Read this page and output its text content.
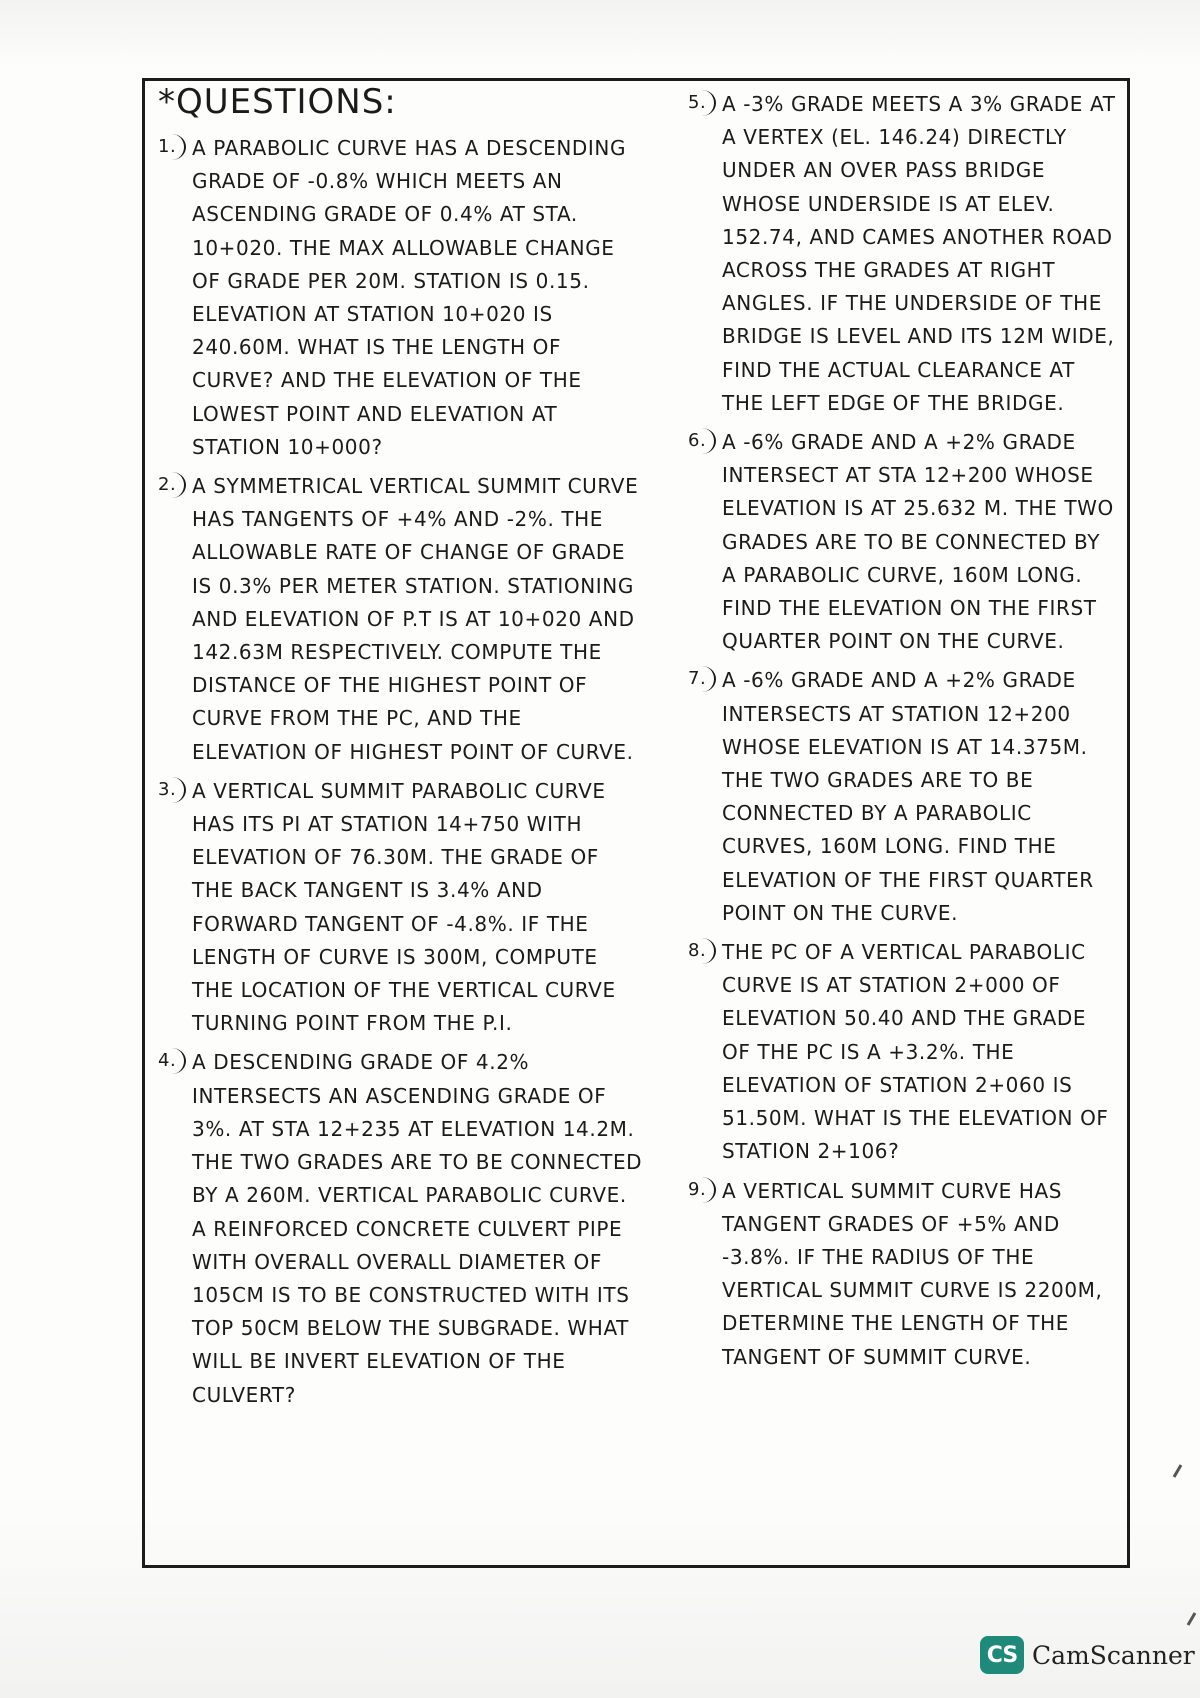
*QUESTIONS:
1. A PARABOLIC CURVE HAS A DESCENDING GRADE OF -0.8% WHICH MEETS AN ASCENDING GRADE OF 0.4% AT STA. 10+020. THE MAX ALLOWABLE CHANGE OF GRADE PER 20M. STATION IS 0.15. ELEVATION AT STATION 10+020 IS 240.60M. WHAT IS THE LENGTH OF CURVE? AND THE ELEVATION OF THE LOWEST POINT AND ELEVATION AT STATION 10+000?
2. A SYMMETRICAL VERTICAL SUMMIT CURVE HAS TANGENTS OF +4% AND -2%. THE ALLOWABLE RATE OF CHANGE OF GRADE IS 0.3% PER METER STATION. STATIONING AND ELEVATION OF P.T IS AT 10+020 AND 142.63M RESPECTIVELY. COMPUTE THE DISTANCE OF THE HIGHEST POINT OF CURVE FROM THE PC, AND THE ELEVATION OF HIGHEST POINT OF CURVE.
3. A VERTICAL SUMMIT PARABOLIC CURVE HAS ITS PI AT STATION 14+750 WITH ELEVATION OF 76.30M. THE GRADE OF THE BACK TANGENT IS 3.4% AND FORWARD TANGENT OF -4.8%. IF THE LENGTH OF CURVE IS 300M, COMPUTE THE LOCATION OF THE VERTICAL CURVE TURNING POINT FROM THE P.I.
4. A DESCENDING GRADE OF 4.2% INTERSECTS AN ASCENDING GRADE OF 3%. AT STA 12+235 AT ELEVATION 14.2M. THE TWO GRADES ARE TO BE CONNECTED BY A 260M. VERTICAL PARABOLIC CURVE. A REINFORCED CONCRETE CULVERT PIPE WITH OVERALL OVERALL DIAMETER OF 105CM IS TO BE CONSTRUCTED WITH ITS TOP 50CM BELOW THE SUBGRADE. WHAT WILL BE INVERT ELEVATION OF THE CULVERT?
5. A -3% GRADE MEETS A 3% GRADE AT A VERTEX (EL. 146.24) DIRECTLY UNDER AN OVER PASS BRIDGE WHOSE UNDERSIDE IS AT ELEV. 152.74, AND CAMES ANOTHER ROAD ACROSS THE GRADES AT RIGHT ANGLES. IF THE UNDERSIDE OF THE BRIDGE IS LEVEL AND ITS 12M WIDE, FIND THE ACTUAL CLEARANCE AT THE LEFT EDGE OF THE BRIDGE.
6. A -6% GRADE AND A +2% GRADE INTERSECT AT STA 12+200 WHOSE ELEVATION IS AT 25.632 M. THE TWO GRADES ARE TO BE CONNECTED BY A PARABOLIC CURVE, 160M LONG. FIND THE ELEVATION ON THE FIRST QUARTER POINT ON THE CURVE.
7. A -6% GRADE AND A +2% GRADE INTERSECTS AT STATION 12+200 WHOSE ELEVATION IS AT 14.375M. THE TWO GRADES ARE TO BE CONNECTED BY A PARABOLIC CURVES, 160M LONG. FIND THE ELEVATION OF THE FIRST QUARTER POINT ON THE CURVE.
8. THE PC OF A VERTICAL PARABOLIC CURVE IS AT STATION 2+000 OF ELEVATION 50.40 AND THE GRADE OF THE PC IS A +3.2%. THE ELEVATION OF STATION 2+060 IS 51.50M. WHAT IS THE ELEVATION OF STATION 2+106?
9. A VERTICAL SUMMIT CURVE HAS TANGENT GRADES OF +5% AND -3.8%. IF THE RADIUS OF THE VERTICAL SUMMIT CURVE IS 2200M, DETERMINE THE LENGTH OF THE TANGENT OF SUMMIT CURVE.
CS CamScanner
